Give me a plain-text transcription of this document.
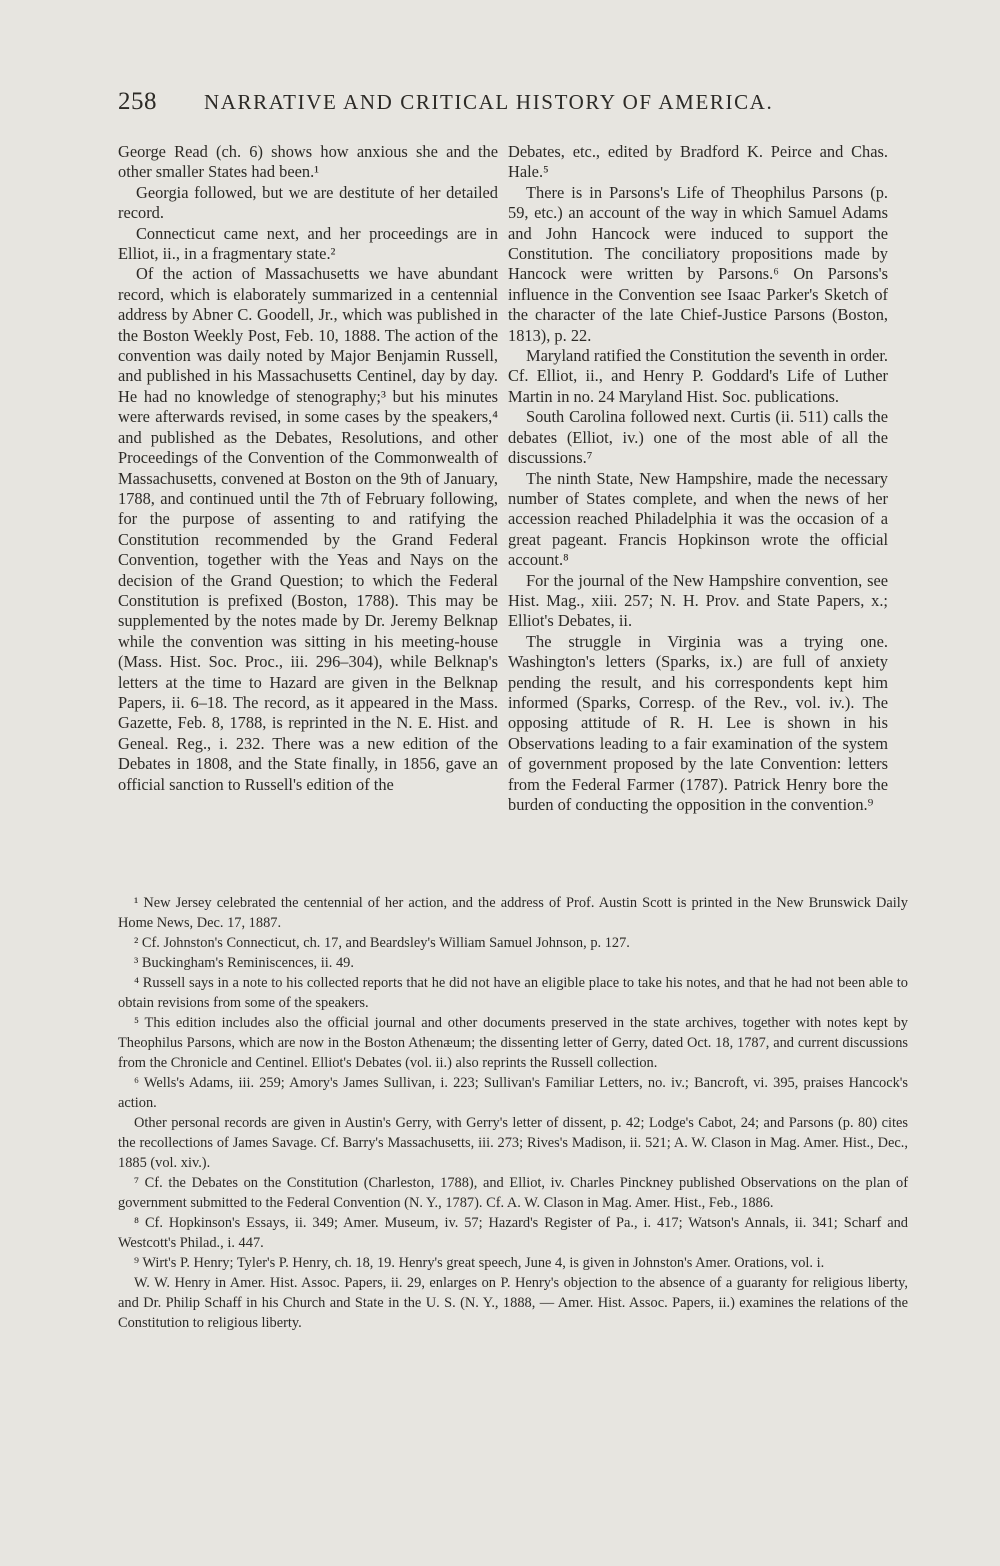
258 NARRATIVE AND CRITICAL HISTORY OF AMERICA.

George Read (ch. 6) shows how anxious she and the other smaller States had been.¹

Georgia followed, but we are destitute of her detailed record.

Connecticut came next, and her proceedings are in Elliot, ii., in a fragmentary state.²

Of the action of Massachusetts we have abundant record, which is elaborately summarized in a centennial address by Abner C. Goodell, Jr., which was published in the Boston Weekly Post, Feb. 10, 1888. The action of the convention was daily noted by Major Benjamin Russell, and published in his Massachusetts Centinel, day by day. He had no knowledge of stenography;³ but his minutes were afterwards revised, in some cases by the speakers,⁴ and published as the Debates, Resolutions, and other Proceedings of the Convention of the Commonwealth of Massachusetts, convened at Boston on the 9th of January, 1788, and continued until the 7th of February following, for the purpose of assenting to and ratifying the Constitution recommended by the Grand Federal Convention, together with the Yeas and Nays on the decision of the Grand Question; to which the Federal Constitution is prefixed (Boston, 1788). This may be supplemented by the notes made by Dr. Jeremy Belknap while the convention was sitting in his meeting-house (Mass. Hist. Soc. Proc., iii. 296–304), while Belknap's letters at the time to Hazard are given in the Belknap Papers, ii. 6–18. The record, as it appeared in the Mass. Gazette, Feb. 8, 1788, is reprinted in the N. E. Hist. and Geneal. Reg., i. 232. There was a new edition of the Debates in 1808, and the State finally, in 1856, gave an official sanction to Russell's edition of the

Debates, etc., edited by Bradford K. Peirce and Chas. Hale.⁵

There is in Parsons's Life of Theophilus Parsons (p. 59, etc.) an account of the way in which Samuel Adams and John Hancock were induced to support the Constitution. The conciliatory propositions made by Hancock were written by Parsons.⁶ On Parsons's influence in the Convention see Isaac Parker's Sketch of the character of the late Chief-Justice Parsons (Boston, 1813), p. 22.

Maryland ratified the Constitution the seventh in order. Cf. Elliot, ii., and Henry P. Goddard's Life of Luther Martin in no. 24 Maryland Hist. Soc. publications.

South Carolina followed next. Curtis (ii. 511) calls the debates (Elliot, iv.) one of the most able of all the discussions.⁷

The ninth State, New Hampshire, made the necessary number of States complete, and when the news of her accession reached Philadelphia it was the occasion of a great pageant. Francis Hopkinson wrote the official account.⁸

For the journal of the New Hampshire convention, see Hist. Mag., xiii. 257; N. H. Prov. and State Papers, x.; Elliot's Debates, ii.

The struggle in Virginia was a trying one. Washington's letters (Sparks, ix.) are full of anxiety pending the result, and his correspondents kept him informed (Sparks, Corresp. of the Rev., vol. iv.). The opposing attitude of R. H. Lee is shown in his Observations leading to a fair examination of the system of government proposed by the late Convention: letters from the Federal Farmer (1787). Patrick Henry bore the burden of conducting the opposition in the convention.⁹

¹ New Jersey celebrated the centennial of her action, and the address of Prof. Austin Scott is printed in the New Brunswick Daily Home News, Dec. 17, 1887.

² Cf. Johnston's Connecticut, ch. 17, and Beardsley's William Samuel Johnson, p. 127.

³ Buckingham's Reminiscences, ii. 49.

⁴ Russell says in a note to his collected reports that he did not have an eligible place to take his notes, and that he had not been able to obtain revisions from some of the speakers.

⁵ This edition includes also the official journal and other documents preserved in the state archives, together with notes kept by Theophilus Parsons, which are now in the Boston Athenæum; the dissenting letter of Gerry, dated Oct. 18, 1787, and current discussions from the Chronicle and Centinel. Elliot's Debates (vol. ii.) also reprints the Russell collection.

⁶ Wells's Adams, iii. 259; Amory's James Sullivan, i. 223; Sullivan's Familiar Letters, no. iv.; Bancroft, vi. 395, praises Hancock's action.

Other personal records are given in Austin's Gerry, with Gerry's letter of dissent, p. 42; Lodge's Cabot, 24; and Parsons (p. 80) cites the recollections of James Savage. Cf. Barry's Massachusetts, iii. 273; Rives's Madison, ii. 521; A. W. Clason in Mag. Amer. Hist., Dec., 1885 (vol. xiv.).

⁷ Cf. the Debates on the Constitution (Charleston, 1788), and Elliot, iv. Charles Pinckney published Observations on the plan of government submitted to the Federal Convention (N. Y., 1787). Cf. A. W. Clason in Mag. Amer. Hist., Feb., 1886.

⁸ Cf. Hopkinson's Essays, ii. 349; Amer. Museum, iv. 57; Hazard's Register of Pa., i. 417; Watson's Annals, ii. 341; Scharf and Westcott's Philad., i. 447.

⁹ Wirt's P. Henry; Tyler's P. Henry, ch. 18, 19. Henry's great speech, June 4, is given in Johnston's Amer. Orations, vol. i.

W. W. Henry in Amer. Hist. Assoc. Papers, ii. 29, enlarges on P. Henry's objection to the absence of a guaranty for religious liberty, and Dr. Philip Schaff in his Church and State in the U. S. (N. Y., 1888, — Amer. Hist. Assoc. Papers, ii.) examines the relations of the Constitution to religious liberty.
